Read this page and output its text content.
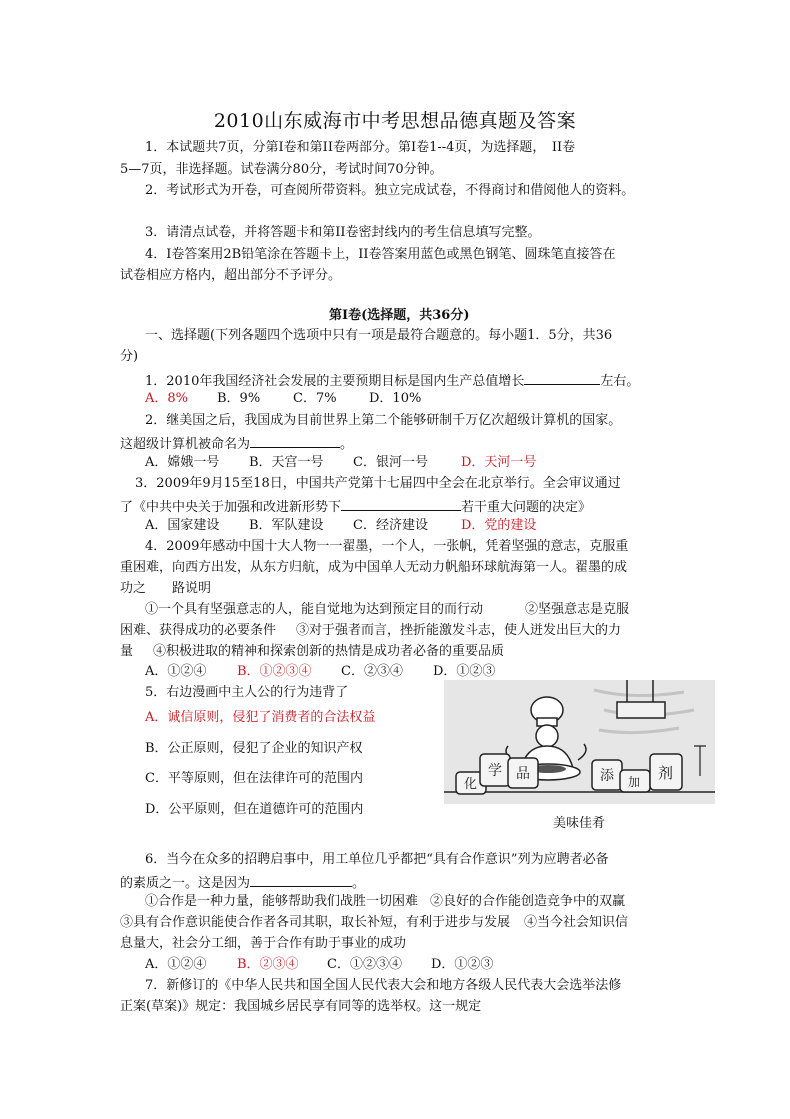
2010山东威海市中考思想品德真题及答案
1．本试题共7页，分第Ⅰ卷和第II卷两部分。第Ⅰ卷1--4页，为选择题，　II卷
5—7页，非选择题。试卷满分80分，考试时间70分钟。
2．考试形式为开卷，可查阅所带资料。独立完成试卷，不得商讨和借阅他人的资料。
3．请清点试卷，并将答题卡和第II卷密封线内的考生信息填写完整。
4．I卷答案用2B铅笔涂在答题卡上，II卷答案用蓝色或黑色钢笔、圆珠笔直接答在
试卷相应方格内，超出部分不予评分。
第Ⅰ卷(选择题，共36分)
一、选择题(下列各题四个选项中只有一项是最符合题意的。每小题1．5分，共36
分)
1．2010年我国经济社会发展的主要预期目标是国内生产总值增长	左右。
A．8% B．9%	C．7% D．10%
2．继美国之后，我国成为目前世界上第二个能够研制千万亿次超级计算机的国家。
这超级计算机被命名为	。
A．嫦娥一号 B．天宫一号 C．银河一号	D．天河一号
3．2009年9月15至18日，中国共产党第十七届四中全会在北京举行。全会审议通过
了《中共中央关于加强和改进新形势下	若干重大问题的决定》
A．国家建设 B．军队建设 C．经济建设	D．党的建设
4．2009年感动中国十大人物一一翟墨，一个人，一张帆，凭着坚强的意志，克服重
重困难，向西方出发，从东方归航，成为中国单人无动力帆船环球航海第一人。翟墨的成
功之　　路说明
①一个具有坚强意志的人，能自觉地为达到预定目的而行动	②坚强意志是克服
困难、获得成功的必要条件 ③对于强者而言，挫折能激发斗志，使人迸发出巨大的力
量 ④积极进取的精神和探索创新的热情是成功者必备的重要品质
A．①②④ B．①②③④ C．②③④ D．①②③
5．右边漫画中主人公的行为违背了
A．诚信原则，侵犯了消费者的合法权益
B．公正原则，侵犯了企业的知识产权
C．平等原则，但在法律许可的范围内
D．公平原则，但在道德许可的范围内
化
学 品	添 加 剂
美味佳肴
6．当今在众多的招聘启事中，用工单位几乎都把“具有合作意识”列为应聘者必备
的素质之一。这是因为	。
①合作是一种力量，能够帮助我们战胜一切困难 ②良好的合作能创造竞争中的双赢
③具有合作意识能使合作者各司其职，取长补短，有利于进步与发展 ④当今社会知识信
息量大，社会分工细，善于合作有助于事业的成功
A．①②④ B．②③④ C．①②③④ D．①②③
7．新修订的《中华人民共和国全国人民代表大会和地方各级人民代表大会选举法修
正案(草案)》规定：我国城乡居民享有同等的选举权。这一规定
